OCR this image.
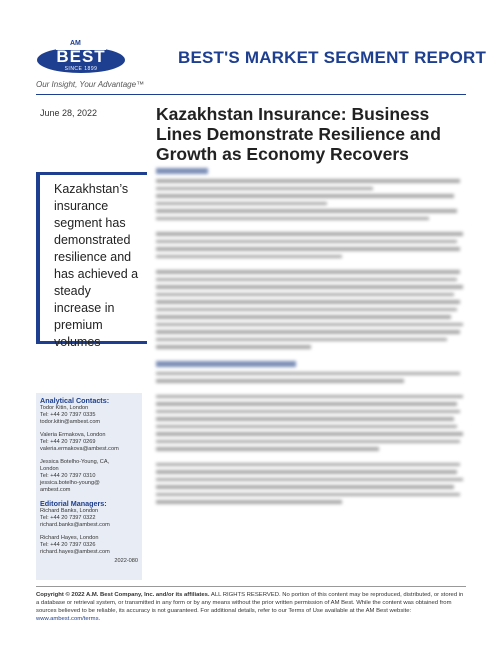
AM
BEST
SINCE 1899
BEST'S MARKET SEGMENT REPORT
Our Insight, Your Advantage™
June 28, 2022	Kazakhstan Insurance: Business Lines Demonstrate Resilience and Growth as Economy Recovers
Kazakhstan’s insurance segment has demonstrated resilience and has achieved a steady increase in premium volumes
Analytical Contacts:
Todor Kitin, London
Tel: +44 20 7397 0335
todor.kitin@ambest.com
Valeria Ermakova, London
Tel: +44 20 7397 0269
valeria.ermakova@ambest.com
Jessica Botelho-Young, CA,
London
Tel: +44 20 7397 0310
jessica.botelho-young@
ambest.com
Editorial Managers:
Richard Banks, London
Tel: +44 20 7397 0322
richard.banks@ambest.com
Richard Hayes, London
Tel: +44 20 7397 0326
richard.hayes@ambest.com
2022-080
Copyright © 2022 A.M. Best Company, Inc. and/or its affiliates. ALL RIGHTS RESERVED. No portion of this content may be reproduced, distributed, or stored in a database or retrieval system, or transmitted in any form or by any means without the prior written permission of AM Best. While the content was obtained from sources believed to be reliable, its accuracy is not guaranteed. For additional details, refer to our Terms of Use available at the AM Best website: www.ambest.com/terms.
